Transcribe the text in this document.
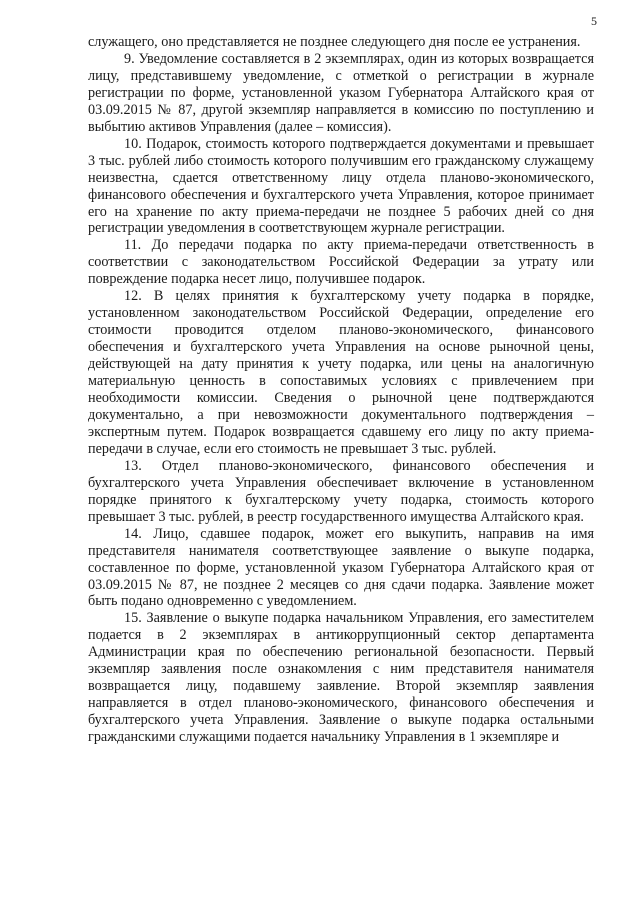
5

служащего, оно представляется не позднее следующего дня после ее устранения.

9. Уведомление составляется в 2 экземплярах, один из которых возвращается лицу, представившему уведомление, с отметкой о регистрации в журнале регистрации по форме, установленной указом Губернатора Алтайского края от 03.09.2015 № 87, другой экземпляр направляется в комиссию по поступлению и выбытию активов Управления (далее – комиссия).

10. Подарок, стоимость которого подтверждается документами и превышает 3 тыс. рублей либо стоимость которого получившим его гражданскому служащему неизвестна, сдается ответственному лицу отдела планово-экономического, финансового обеспечения и бухгалтерского учета Управления, которое принимает его на хранение по акту приема-передачи не позднее 5 рабочих дней со дня регистрации уведомления в соответствующем журнале регистрации.

11. До передачи подарка по акту приема-передачи ответственность в соответствии с законодательством Российской Федерации за утрату или повреждение подарка несет лицо, получившее подарок.

12. В целях принятия к бухгалтерскому учету подарка в порядке, установленном законодательством Российской Федерации, определение его стоимости проводится отделом планово-экономического, финансового обеспечения и бухгалтерского учета Управления на основе рыночной цены, действующей на дату принятия к учету подарка, или цены на аналогичную материальную ценность в сопоставимых условиях с привлечением при необходимости комиссии. Сведения о рыночной цене подтверждаются документально, а при невозможности документального подтверждения – экспертным путем. Подарок возвращается сдавшему его лицу по акту приема-передачи в случае, если его стоимость не превышает 3 тыс. рублей.

13. Отдел планово-экономического, финансового обеспечения и бухгалтерского учета Управления обеспечивает включение в установленном порядке принятого к бухгалтерскому учету подарка, стоимость которого превышает 3 тыс. рублей, в реестр государственного имущества Алтайского края.

14. Лицо, сдавшее подарок, может его выкупить, направив на имя представителя нанимателя соответствующее заявление о выкупе подарка, составленное по форме, установленной указом Губернатора Алтайского края от 03.09.2015 № 87, не позднее 2 месяцев со дня сдачи подарка. Заявление может быть подано одновременно с уведомлением.

15. Заявление о выкупе подарка начальником Управления, его заместителем подается в 2 экземплярах в антикоррупционный сектор департамента Администрации края по обеспечению региональной безопасности. Первый экземпляр заявления после ознакомления с ним представителя нанимателя возвращается лицу, подавшему заявление. Второй экземпляр заявления направляется в отдел планово-экономического, финансового обеспечения и бухгалтерского учета Управления. Заявление о выкупе подарка остальными гражданскими служащими подается начальнику Управления в 1 экземпляре и
